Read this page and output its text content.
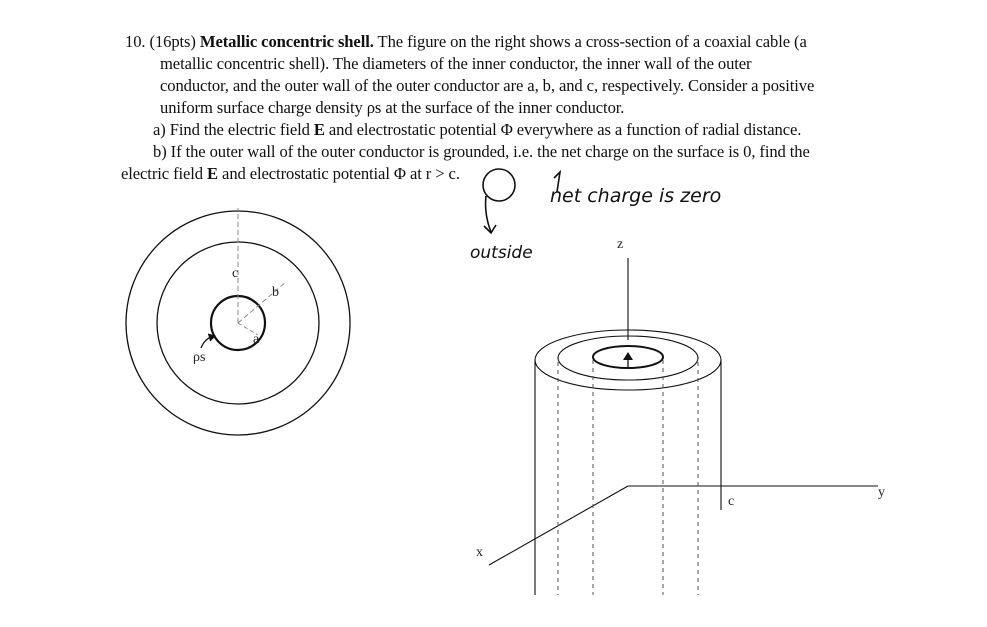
10. (16pts) Metallic concentric shell. The figure on the right shows a cross-section of a coaxial cable (a
metallic concentric shell). The diameters of the inner conductor, the inner wall of the outer
conductor, and the outer wall of the outer conductor are a, b, and c, respectively. Consider a positive
uniform surface charge density ρs at the surface of the inner conductor.
a) Find the electric field E and electrostatic potential Φ everywhere as a function of radial distance.
b) If the outer wall of the outer conductor is grounded, i.e. the net charge on the surface is 0, find the
electric field E and electrostatic potential Φ at r > c.
outside
net charge is zero
c
b
a
ρs
z
y
x
c
